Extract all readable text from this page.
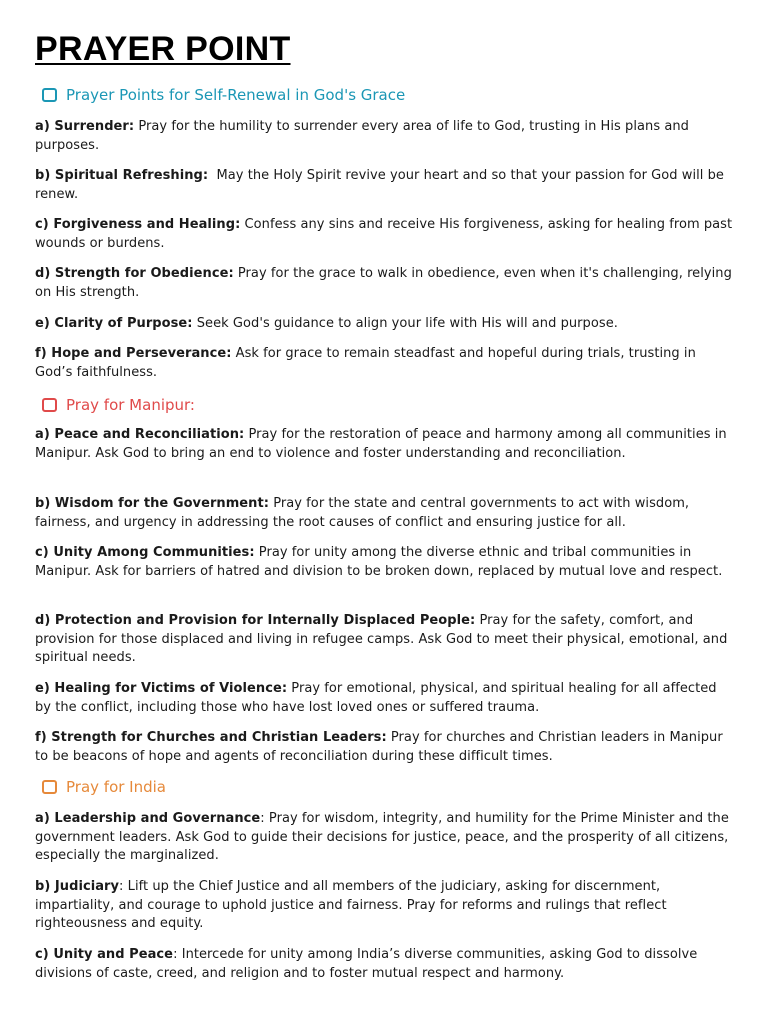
PRAYER POINT
Prayer Points for Self-Renewal in God's Grace

a) Surrender: Pray for the humility to surrender every area of life to God, trusting in His plans and purposes.

b) Spiritual Refreshing: May the Holy Spirit revive your heart and so that your passion for God will be renew.

c) Forgiveness and Healing: Confess any sins and receive His forgiveness, asking for healing from past wounds or burdens.

d) Strength for Obedience: Pray for the grace to walk in obedience, even when it's challenging, relying on His strength.

e) Clarity of Purpose: Seek God's guidance to align your life with His will and purpose.

f) Hope and Perseverance: Ask for grace to remain steadfast and hopeful during trials, trusting in God’s faithfulness.

Pray for Manipur:

a) Peace and Reconciliation: Pray for the restoration of peace and harmony among all communities in Manipur. Ask God to bring an end to violence and foster understanding and reconciliation.

b) Wisdom for the Government: Pray for the state and central governments to act with wisdom, fairness, and urgency in addressing the root causes of conflict and ensuring justice for all.

c) Unity Among Communities: Pray for unity among the diverse ethnic and tribal communities in Manipur. Ask for barriers of hatred and division to be broken down, replaced by mutual love and respect.

d) Protection and Provision for Internally Displaced People: Pray for the safety, comfort, and provision for those displaced and living in refugee camps. Ask God to meet their physical, emotional, and spiritual needs.

e) Healing for Victims of Violence: Pray for emotional, physical, and spiritual healing for all affected by the conflict, including those who have lost loved ones or suffered trauma.

f) Strength for Churches and Christian Leaders: Pray for churches and Christian leaders in Manipur to be beacons of hope and agents of reconciliation during these difficult times.

Pray for India

a) Leadership and Governance: Pray for wisdom, integrity, and humility for the Prime Minister and the government leaders. Ask God to guide their decisions for justice, peace, and the prosperity of all citizens, especially the marginalized.

b) Judiciary: Lift up the Chief Justice and all members of the judiciary, asking for discernment, impartiality, and courage to uphold justice and fairness. Pray for reforms and rulings that reflect righteousness and equity.

c) Unity and Peace: Intercede for unity among India’s diverse communities, asking God to dissolve divisions of caste, creed, and religion and to foster mutual respect and harmony.
